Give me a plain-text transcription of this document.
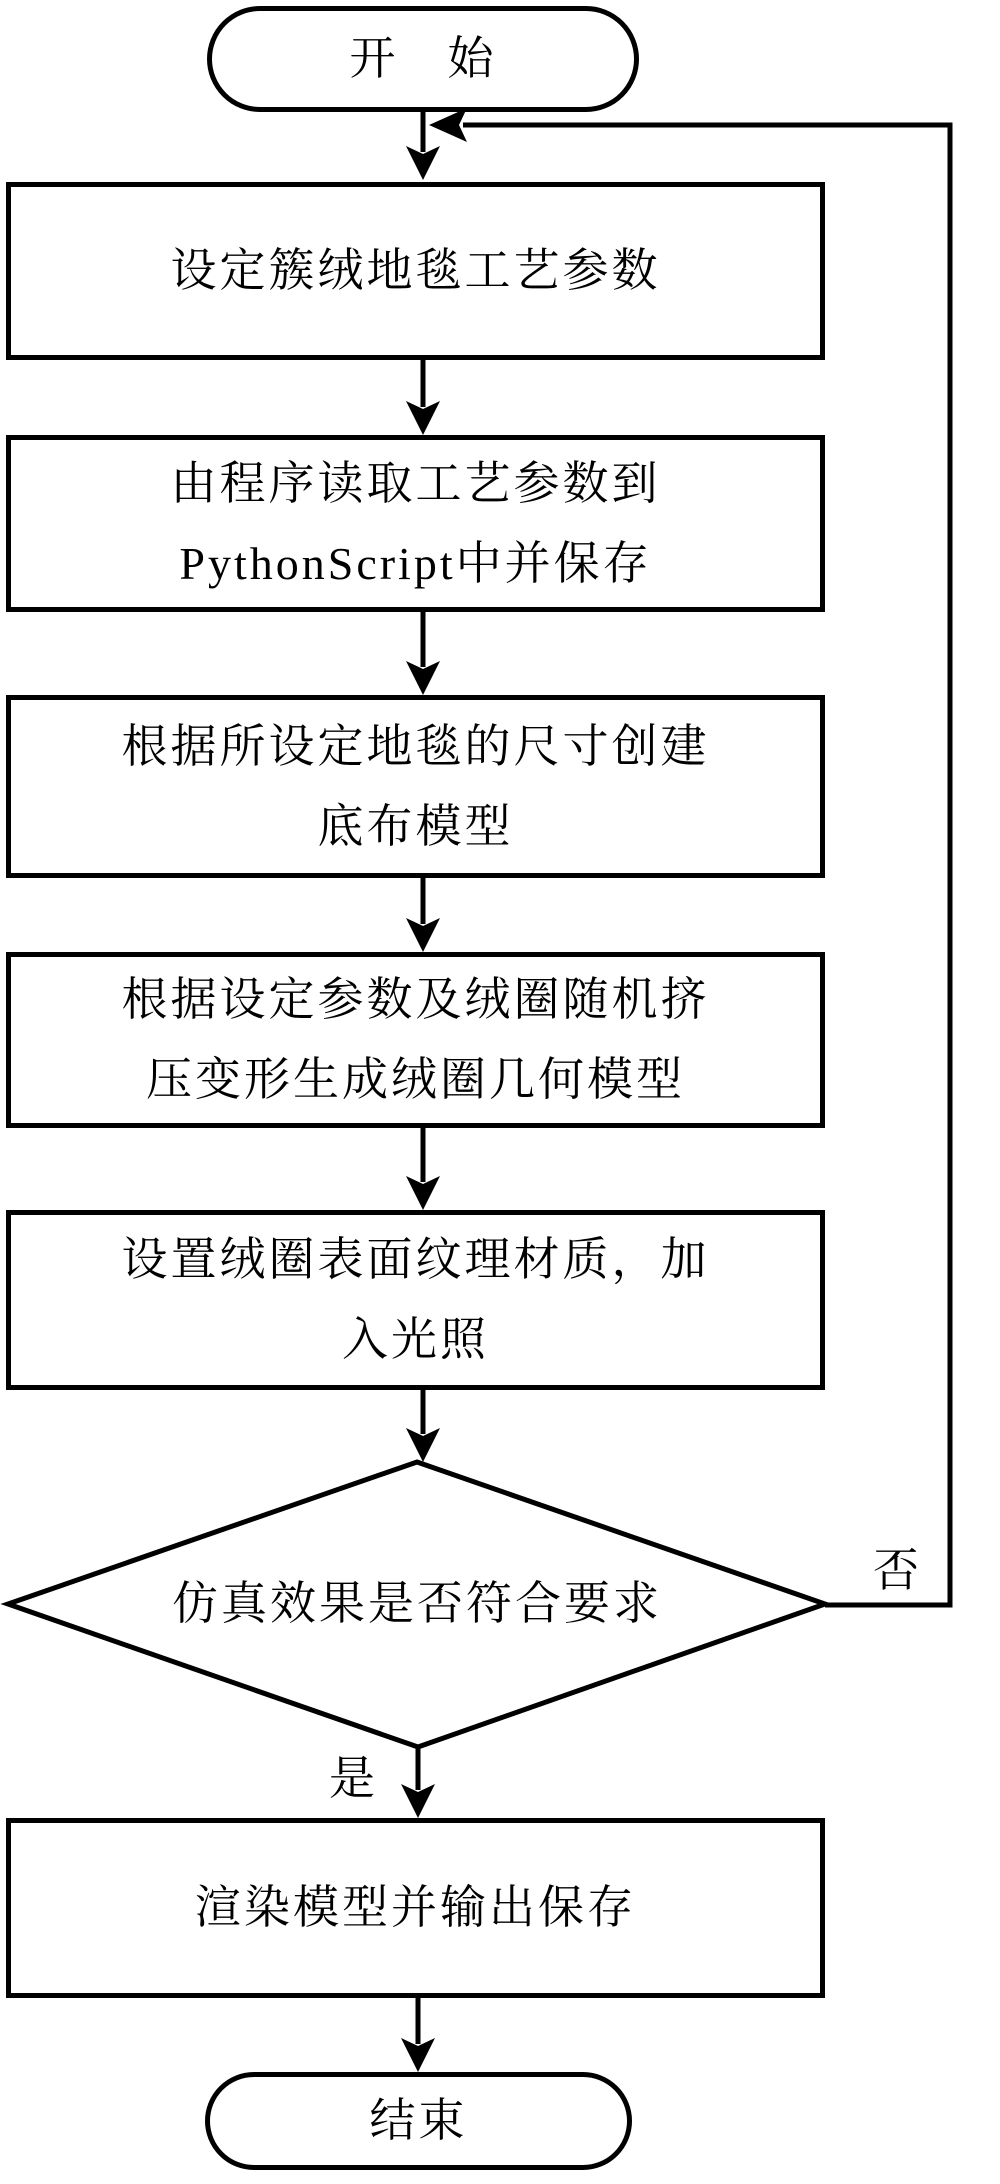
开　始
设定簇绒地毯工艺参数
由程序读取工艺参数到
PythonScript中并保存
根据所设定地毯的尺寸创建
底布模型
根据设定参数及绒圈随机挤
压变形生成绒圈几何模型
设置绒圈表面纹理材质，加
入光照
仿真效果是否符合要求
是
否
渲染模型并输出保存
结束
